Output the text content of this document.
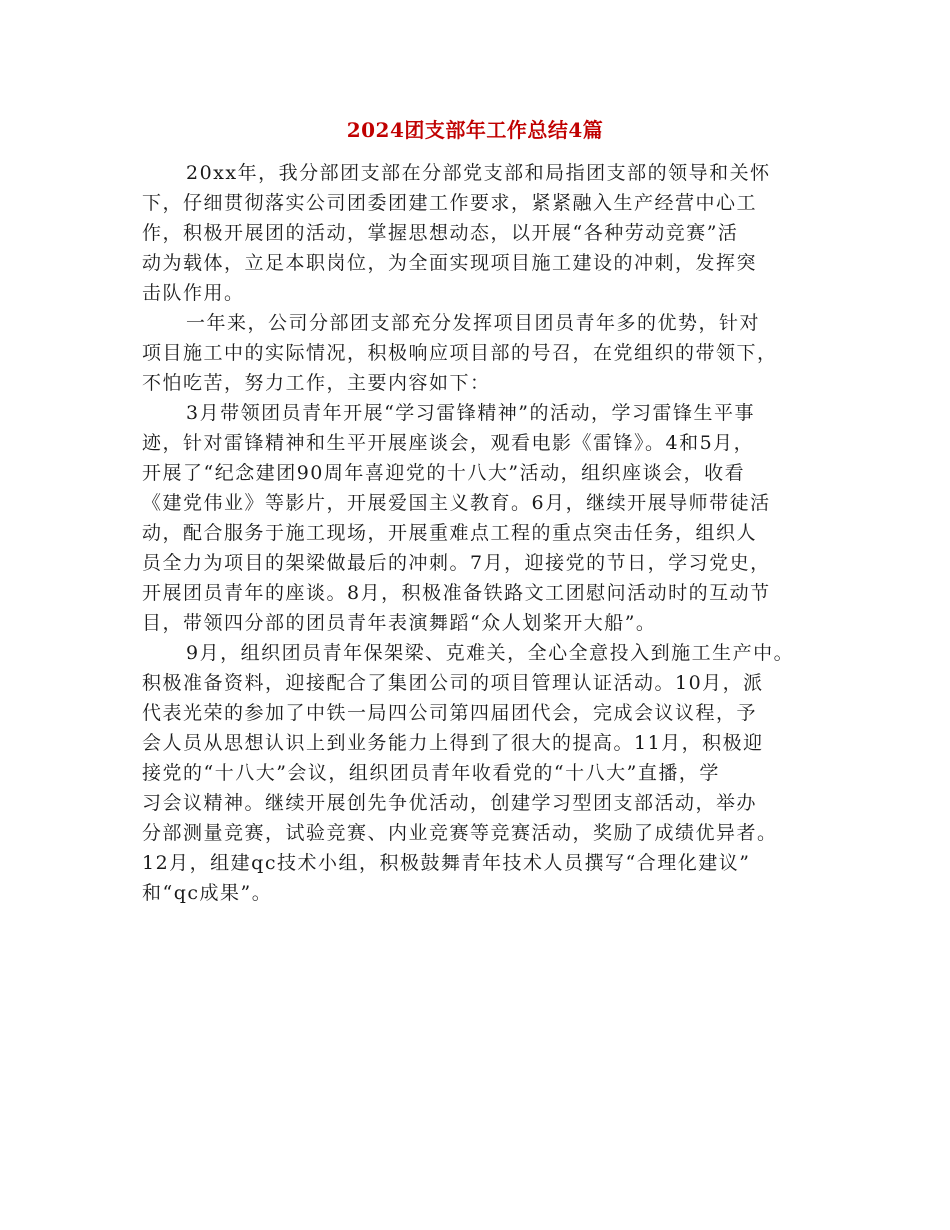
2024团支部年工作总结4篇
20xx年，我分部团支部在分部党支部和局指团支部的领导和关怀
下，仔细贯彻落实公司团委团建工作要求，紧紧融入生产经营中心工
作，积极开展团的活动，掌握思想动态，以开展“各种劳动竞赛”活
动为载体，立足本职岗位，为全面实现项目施工建设的冲刺，发挥突
击队作用。
一年来，公司分部团支部充分发挥项目团员青年多的优势，针对
项目施工中的实际情况，积极响应项目部的号召，在党组织的带领下，
不怕吃苦，努力工作，主要内容如下：
3月带领团员青年开展“学习雷锋精神”的活动，学习雷锋生平事
迹，针对雷锋精神和生平开展座谈会，观看电影《雷锋》。4和5月，
开展了“纪念建团90周年喜迎党的十八大”活动，组织座谈会，收看
《建党伟业》等影片，开展爱国主义教育。6月，继续开展导师带徒活
动，配合服务于施工现场，开展重难点工程的重点突击任务，组织人
员全力为项目的架梁做最后的冲刺。7月，迎接党的节日，学习党史，
开展团员青年的座谈。8月，积极准备铁路文工团慰问活动时的互动节
目，带领四分部的团员青年表演舞蹈“众人划桨开大船”。
9月，组织团员青年保架梁、克难关，全心全意投入到施工生产中。
积极准备资料，迎接配合了集团公司的项目管理认证活动。10月，派
代表光荣的参加了中铁一局四公司第四届团代会，完成会议议程，予
会人员从思想认识上到业务能力上得到了很大的提高。11月，积极迎
接党的“十八大”会议，组织团员青年收看党的“十八大”直播，学
习会议精神。继续开展创先争优活动，创建学习型团支部活动，举办
分部测量竞赛，试验竞赛、内业竞赛等竞赛活动，奖励了成绩优异者。
12月，组建qc技术小组，积极鼓舞青年技术人员撰写“合理化建议”
和“qc成果”。
